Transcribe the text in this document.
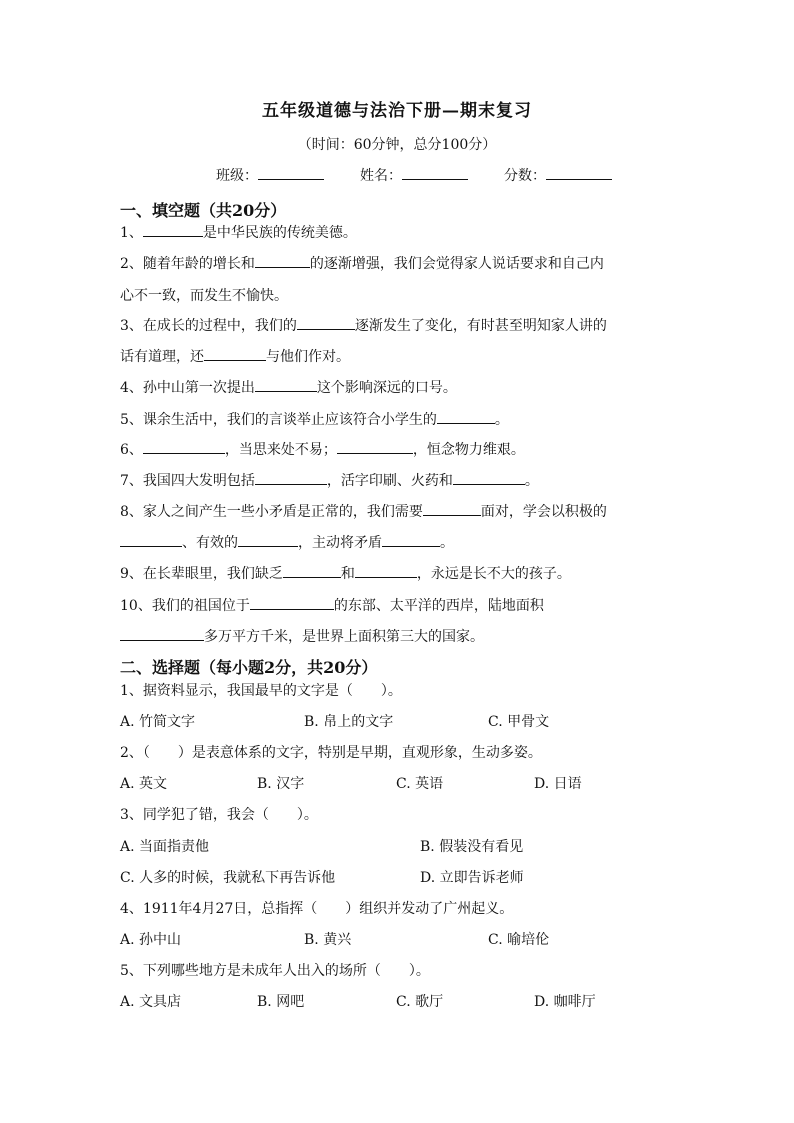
五年级道德与法治下册—期末复习
（时间：60分钟，总分100分）
班级：	姓名：	分数：
一、填空题（共20分）
1、	是中华民族的传统美德。
2、随着年龄的增长和	的逐渐增强，我们会觉得家人说话要求和自己内
心不一致，而发生不愉快。
3、在成长的过程中，我们的	逐渐发生了变化，有时甚至明知家人讲的
话有道理，还	与他们作对。
4、孙中山第一次提出	这个影响深远的口号。
5、课余生活中，我们的言谈举止应该符合小学生的	。
6、	，当思来处不易；	，恒念物力维艰。
7、我国四大发明包括	，活字印刷、火药和	。
8、家人之间产生一些小矛盾是正常的，我们需要	面对，学会以积极的
、有效的	，主动将矛盾	。
9、在长辈眼里，我们缺乏	和	，永远是长不大的孩子。
10、我们的祖国位于	的东部、太平洋的西岸，陆地面积
多万平方千米，是世界上面积第三大的国家。
二、选择题（每小题2分，共20分）
1、据资料显示，我国最早的文字是（　　）。
A. 竹简文字	B. 帛上的文字	C. 甲骨文
2、（　　）是表意体系的文字，特别是早期，直观形象，生动多姿。
A. 英文	B. 汉字	C. 英语	D. 日语
3、同学犯了错，我会（　　）。
A. 当面指责他	B. 假装没有看见
C. 人多的时候，我就私下再告诉他	D. 立即告诉老师
4、1911年4月27日，总指挥（　　）组织并发动了广州起义。
A. 孙中山	B. 黄兴	C. 喻培伦
5、下列哪些地方是未成年人出入的场所（　　）。
A. 文具店	B. 网吧	C. 歌厅	D. 咖啡厅
